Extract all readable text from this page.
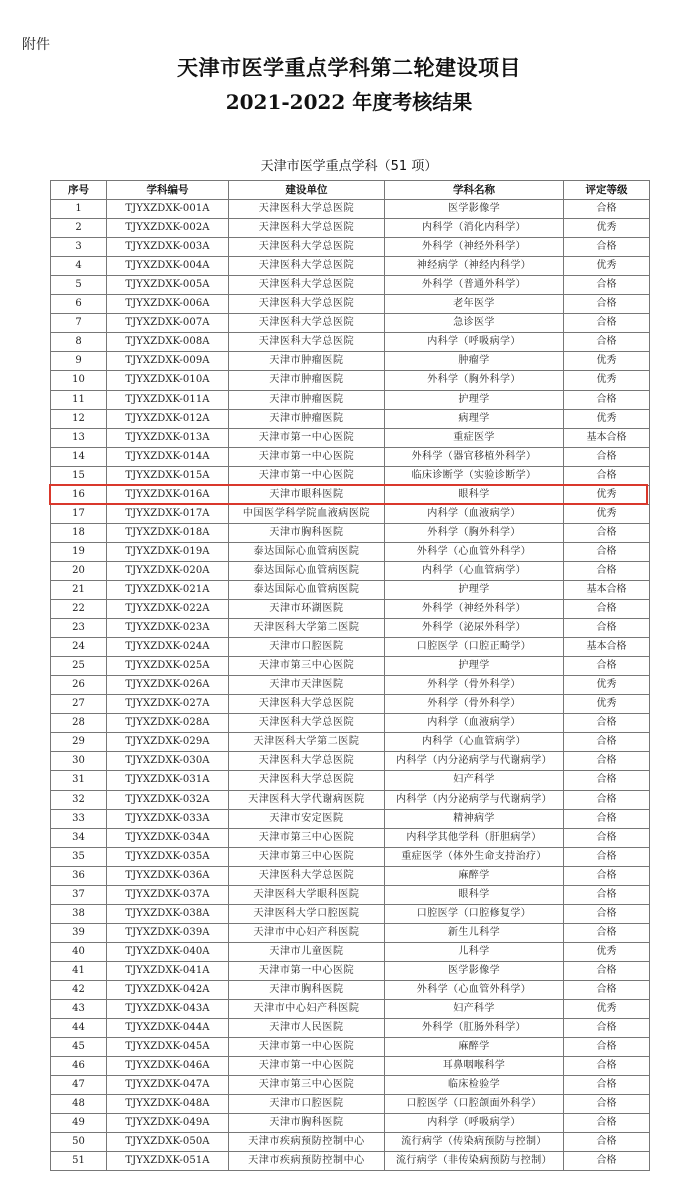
附件
天津市医学重点学科第二轮建设项目
2021-2022 年度考核结果
天津市医学重点学科（51 项）
序号	学科编号	建设单位	学科名称	评定等级
1	TJYXZDXK-001A	天津医科大学总医院	医学影像学	合格
2	TJYXZDXK-002A	天津医科大学总医院	内科学（消化内科学）	优秀
3	TJYXZDXK-003A	天津医科大学总医院	外科学（神经外科学）	合格
4	TJYXZDXK-004A	天津医科大学总医院	神经病学（神经内科学）	优秀
5	TJYXZDXK-005A	天津医科大学总医院	外科学（普通外科学）	合格
6	TJYXZDXK-006A	天津医科大学总医院	老年医学	合格
7	TJYXZDXK-007A	天津医科大学总医院	急诊医学	合格
8	TJYXZDXK-008A	天津医科大学总医院	内科学（呼吸病学）	合格
9	TJYXZDXK-009A	天津市肿瘤医院	肿瘤学	优秀
10	TJYXZDXK-010A	天津市肿瘤医院	外科学（胸外科学）	优秀
11	TJYXZDXK-011A	天津市肿瘤医院	护理学	合格
12	TJYXZDXK-012A	天津市肿瘤医院	病理学	优秀
13	TJYXZDXK-013A	天津市第一中心医院	重症医学	基本合格
14	TJYXZDXK-014A	天津市第一中心医院	外科学（器官移植外科学）	合格
15	TJYXZDXK-015A	天津市第一中心医院	临床诊断学（实验诊断学）	合格
16	TJYXZDXK-016A	天津市眼科医院	眼科学	优秀
17	TJYXZDXK-017A	中国医学科学院血液病医院	内科学（血液病学）	优秀
18	TJYXZDXK-018A	天津市胸科医院	外科学（胸外科学）	合格
19	TJYXZDXK-019A	泰达国际心血管病医院	外科学（心血管外科学）	合格
20	TJYXZDXK-020A	泰达国际心血管病医院	内科学（心血管病学）	合格
21	TJYXZDXK-021A	泰达国际心血管病医院	护理学	基本合格
22	TJYXZDXK-022A	天津市环湖医院	外科学（神经外科学）	合格
23	TJYXZDXK-023A	天津医科大学第二医院	外科学（泌尿外科学）	合格
24	TJYXZDXK-024A	天津市口腔医院	口腔医学（口腔正畸学）	基本合格
25	TJYXZDXK-025A	天津市第三中心医院	护理学	合格
26	TJYXZDXK-026A	天津市天津医院	外科学（骨外科学）	优秀
27	TJYXZDXK-027A	天津医科大学总医院	外科学（骨外科学）	优秀
28	TJYXZDXK-028A	天津医科大学总医院	内科学（血液病学）	合格
29	TJYXZDXK-029A	天津医科大学第二医院	内科学（心血管病学）	合格
30	TJYXZDXK-030A	天津医科大学总医院	内科学（内分泌病学与代谢病学）	合格
31	TJYXZDXK-031A	天津医科大学总医院	妇产科学	合格
32	TJYXZDXK-032A	天津医科大学代谢病医院	内科学（内分泌病学与代谢病学）	合格
33	TJYXZDXK-033A	天津市安定医院	精神病学	合格
34	TJYXZDXK-034A	天津市第三中心医院	内科学其他学科（肝胆病学）	合格
35	TJYXZDXK-035A	天津市第三中心医院	重症医学（体外生命支持治疗）	合格
36	TJYXZDXK-036A	天津医科大学总医院	麻醉学	合格
37	TJYXZDXK-037A	天津医科大学眼科医院	眼科学	合格
38	TJYXZDXK-038A	天津医科大学口腔医院	口腔医学（口腔修复学）	合格
39	TJYXZDXK-039A	天津市中心妇产科医院	新生儿科学	合格
40	TJYXZDXK-040A	天津市儿童医院	儿科学	优秀
41	TJYXZDXK-041A	天津市第一中心医院	医学影像学	合格
42	TJYXZDXK-042A	天津市胸科医院	外科学（心血管外科学）	合格
43	TJYXZDXK-043A	天津市中心妇产科医院	妇产科学	优秀
44	TJYXZDXK-044A	天津市人民医院	外科学（肛肠外科学）	合格
45	TJYXZDXK-045A	天津市第一中心医院	麻醉学	合格
46	TJYXZDXK-046A	天津市第一中心医院	耳鼻咽喉科学	合格
47	TJYXZDXK-047A	天津市第三中心医院	临床检验学	合格
48	TJYXZDXK-048A	天津市口腔医院	口腔医学（口腔颌面外科学）	合格
49	TJYXZDXK-049A	天津市胸科医院	内科学（呼吸病学）	合格
50	TJYXZDXK-050A	天津市疾病预防控制中心	流行病学（传染病预防与控制）	合格
51	TJYXZDXK-051A	天津市疾病预防控制中心	流行病学（非传染病预防与控制）	合格
